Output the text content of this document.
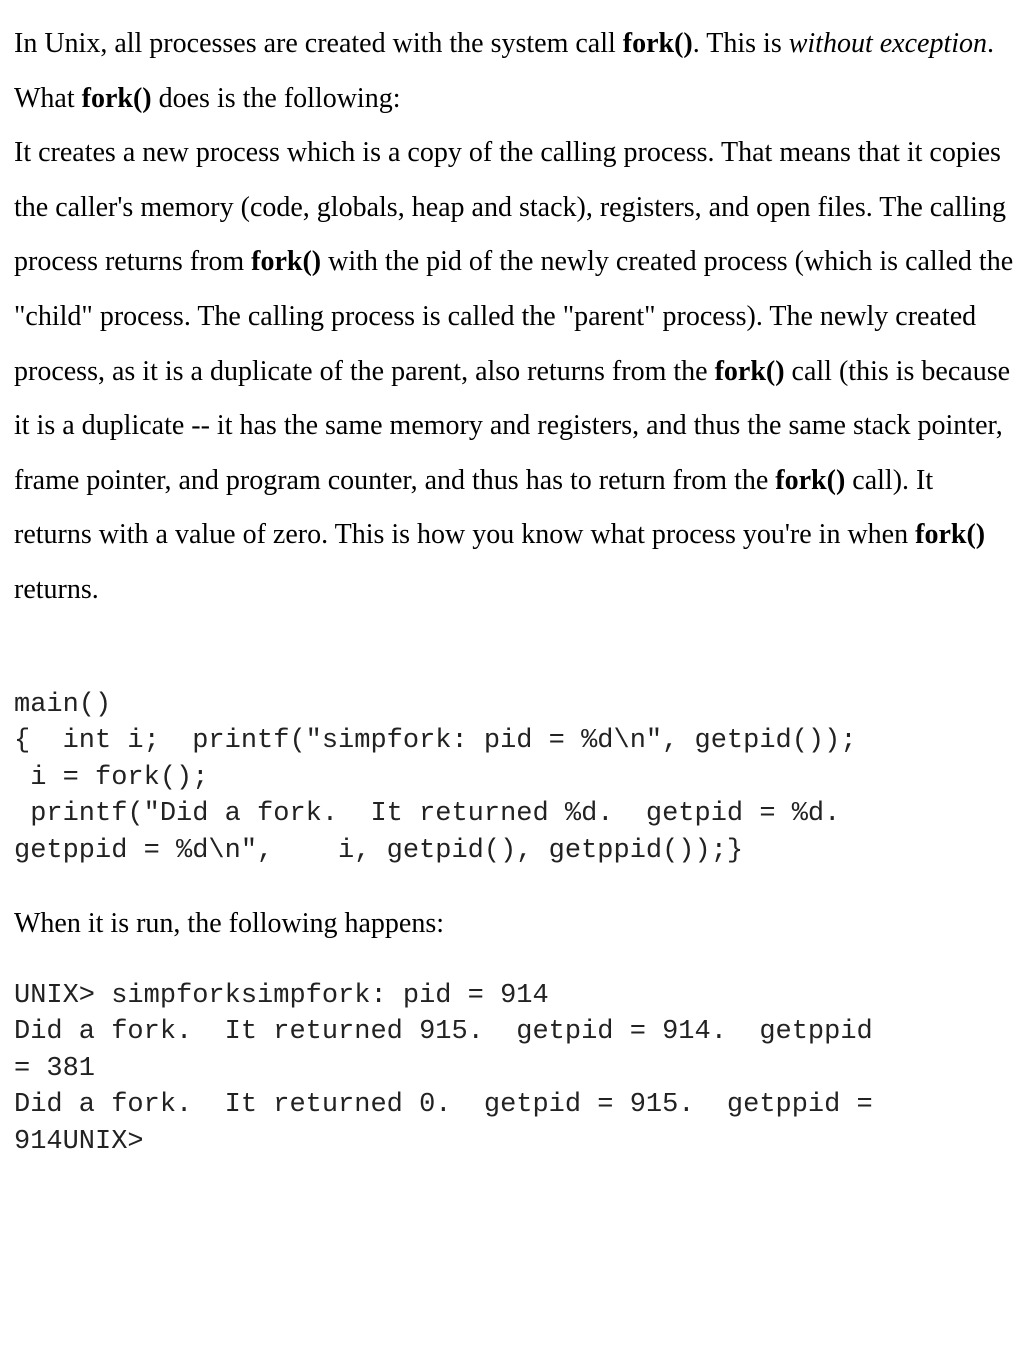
In Unix, all processes are created with the system call fork(). This is without exception. What fork() does is the following:

It creates a new process which is a copy of the calling process. That means that it copies the caller's memory (code, globals, heap and stack), registers, and open files. The calling process returns from fork() with the pid of the newly created process (which is called the "child" process. The calling process is called the "parent" process). The newly created process, as it is a duplicate of the parent, also returns from the fork() call (this is because it is a duplicate -- it has the same memory and registers, and thus the same stack pointer, frame pointer, and program counter, and thus has to return from the fork() call). It returns with a value of zero. This is how you know what process you're in when fork() returns.

main()
{  int i;  printf("simpfork: pid = %d\n", getpid());
i = fork();
printf("Did a fork.  It returned %d.  getpid = %d.
getppid = %d\n",    i, getpid(), getppid());}

When it is run, the following happens:

UNIX> simpforksimpfork: pid = 914
Did a fork.  It returned 915.  getpid = 914.  getppid
= 381
Did a fork.  It returned 0.  getpid = 915.  getppid =
914UNIX>
